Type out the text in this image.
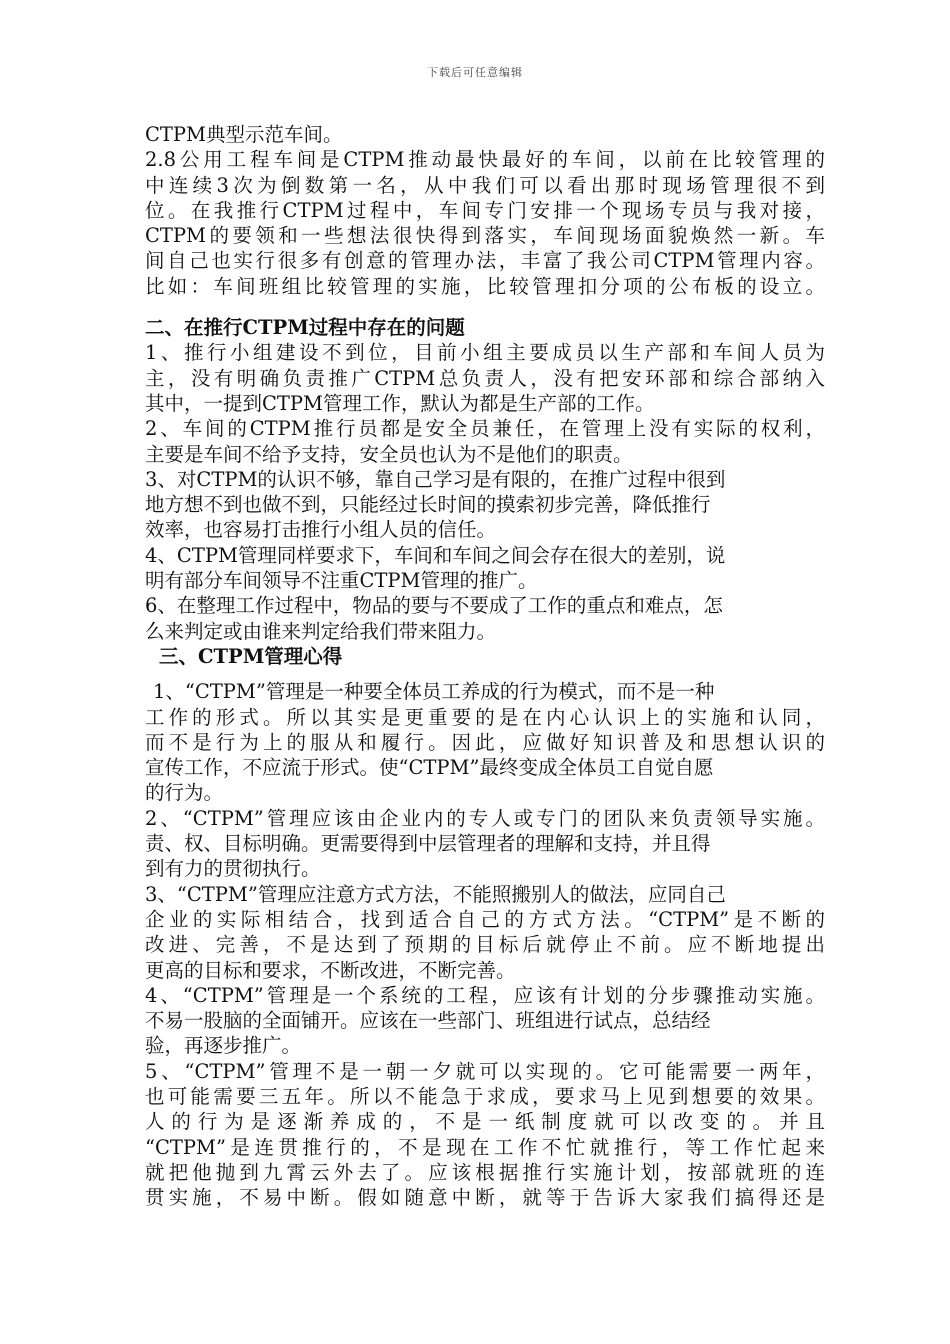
下载后可任意编辑
CTPM典型示范车间。
2.8公用工程车间是CTPM推动最快最好的车间，以前在比较管理的
中连续3次为倒数第一名，从中我们可以看出那时现场管理很不到
位。在我推行CTPM过程中，车间专门安排一个现场专员与我对接，
CTPM的要领和一些想法很快得到落实，车间现场面貌焕然一新。车
间自己也实行很多有创意的管理办法，丰富了我公司CTPM管理内容。
比如：车间班组比较管理的实施，比较管理扣分项的公布板的设立。
二、在推行CTPM过程中存在的问题
1、推行小组建设不到位，目前小组主要成员以生产部和车间人员为
主，没有明确负责推广CTPM总负责人，没有把安环部和综合部纳入
其中，一提到CTPM管理工作，默认为都是生产部的工作。
2、车间的CTPM推行员都是安全员兼任，在管理上没有实际的权利，
主要是车间不给予支持，安全员也认为不是他们的职责。
3、对CTPM的认识不够，靠自己学习是有限的，在推广过程中很到
地方想不到也做不到，只能经过长时间的摸索初步完善，降低推行
效率，也容易打击推行小组人员的信任。
4、CTPM管理同样要求下，车间和车间之间会存在很大的差别，说
明有部分车间领导不注重CTPM管理的推广。
6、在整理工作过程中，物品的要与不要成了工作的重点和难点，怎
么来判定或由谁来判定给我们带来阻力。
三、CTPM管理心得
1、“CTPM”管理是一种要全体员工养成的行为模式，而不是一种
工作的形式。所以其实是更重要的是在内心认识上的实施和认同，
而不是行为上的服从和履行。因此，应做好知识普及和思想认识的
宣传工作，不应流于形式。使“CTPM”最终变成全体员工自觉自愿
的行为。
2、“CTPM”管理应该由企业内的专人或专门的团队来负责领导实施。
责、权、目标明确。更需要得到中层管理者的理解和支持，并且得
到有力的贯彻执行。
3、“CTPM”管理应注意方式方法，不能照搬别人的做法，应同自己
企业的实际相结合，找到适合自己的方式方法。“CTPM”是不断的
改进、完善，不是达到了预期的目标后就停止不前。应不断地提出
更高的目标和要求，不断改进，不断完善。
4、“CTPM”管理是一个系统的工程，应该有计划的分步骤推动实施。
不易一股脑的全面铺开。应该在一些部门、班组进行试点，总结经
验，再逐步推广。
5、“CTPM”管理不是一朝一夕就可以实现的。它可能需要一两年，
也可能需要三五年。所以不能急于求成，要求马上见到想要的效果。
人的行为是逐渐养成的，不是一纸制度就可以改变的。并且
“CTPM”是连贯推行的，不是现在工作不忙就推行，等工作忙起来
就把他抛到九霄云外去了。应该根据推行实施计划，按部就班的连
贯实施，不易中断。假如随意中断，就等于告诉大家我们搞得还是
